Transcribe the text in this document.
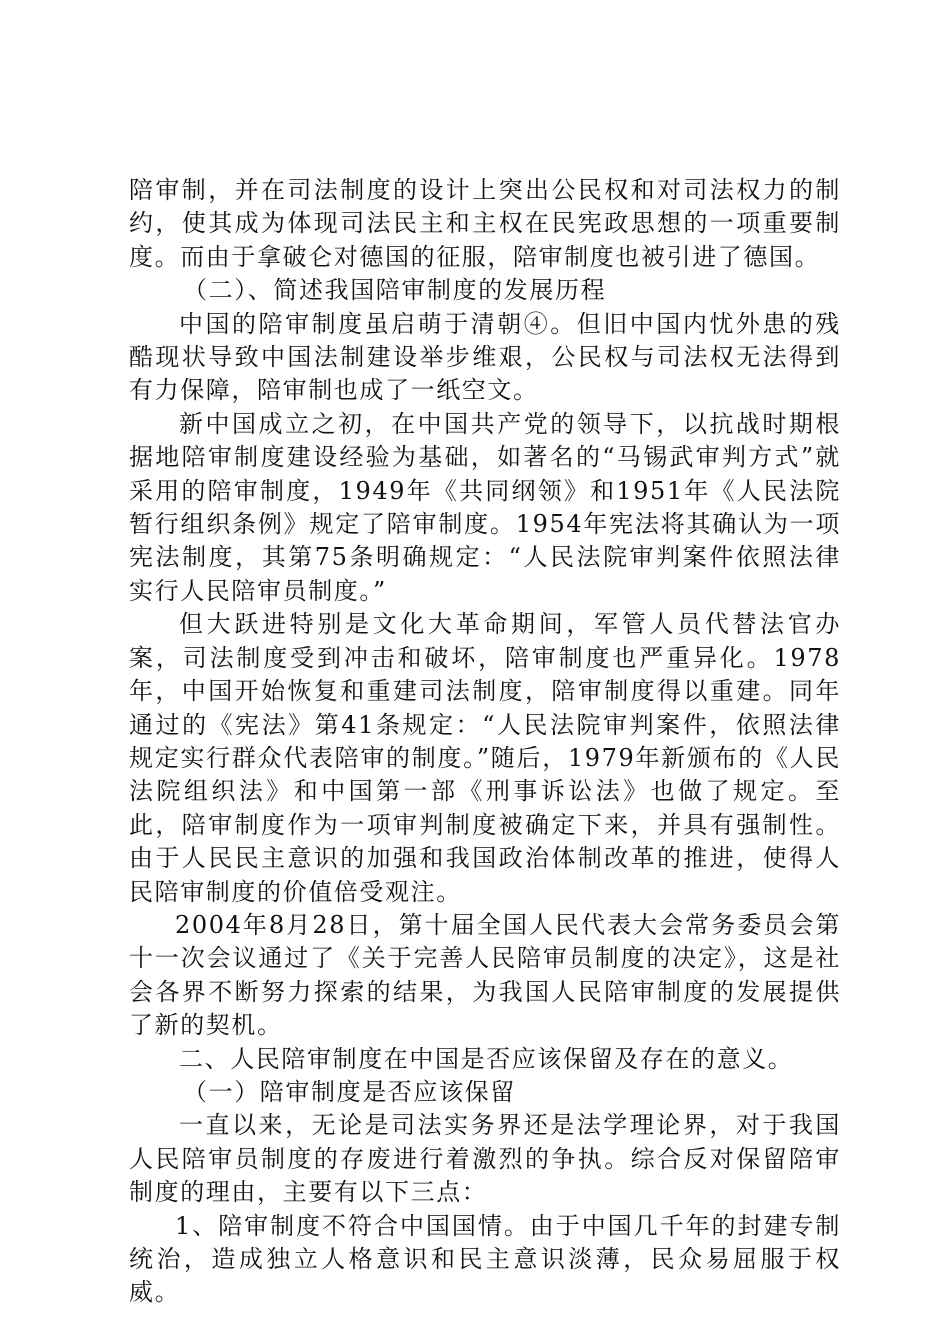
陪审制，并在司法制度的设计上突出公民权和对司法权力的制约，使其成为体现司法民主和主权在民宪政思想的一项重要制度。而由于拿破仑对德国的征服，陪审制度也被引进了德国。

（二）、简述我国陪审制度的发展历程

中国的陪审制度虽启萌于清朝④。但旧中国内忧外患的残酷现状导致中国法制建设举步维艰，公民权与司法权无法得到有力保障，陪审制也成了一纸空文。

新中国成立之初，在中国共产党的领导下，以抗战时期根据地陪审制度建设经验为基础，如著名的“马锡武审判方式”就采用的陪审制度，1949年《共同纲领》和1951年《人民法院暂行组织条例》规定了陪审制度。1954年宪法将其确认为一项宪法制度，其第75条明确规定：“人民法院审判案件依照法律实行人民陪审员制度。”

但大跃进特别是文化大革命期间，军管人员代替法官办案，司法制度受到冲击和破坏，陪审制度也严重异化。1978年，中国开始恢复和重建司法制度，陪审制度得以重建。同年通过的《宪法》第41条规定：“人民法院审判案件，依照法律规定实行群众代表陪审的制度。”随后，1979年新颁布的《人民法院组织法》和中国第一部《刑事诉讼法》也做了规定。至此，陪审制度作为一项审判制度被确定下来，并具有强制性。由于人民民主意识的加强和我国政治体制改革的推进，使得人民陪审制度的价值倍受观注。

2004年8月28日，第十届全国人民代表大会常务委员会第十一次会议通过了《关于完善人民陪审员制度的决定》，这是社会各界不断努力探索的结果，为我国人民陪审制度的发展提供了新的契机。

二、人民陪审制度在中国是否应该保留及存在的意义。

（一）陪审制度是否应该保留

一直以来，无论是司法实务界还是法学理论界，对于我国人民陪审员制度的存废进行着激烈的争执。综合反对保留陪审制度的理由，主要有以下三点：

1、陪审制度不符合中国国情。由于中国几千年的封建专制统治，造成独立人格意识和民主意识淡薄，民众易屈服于权威。
